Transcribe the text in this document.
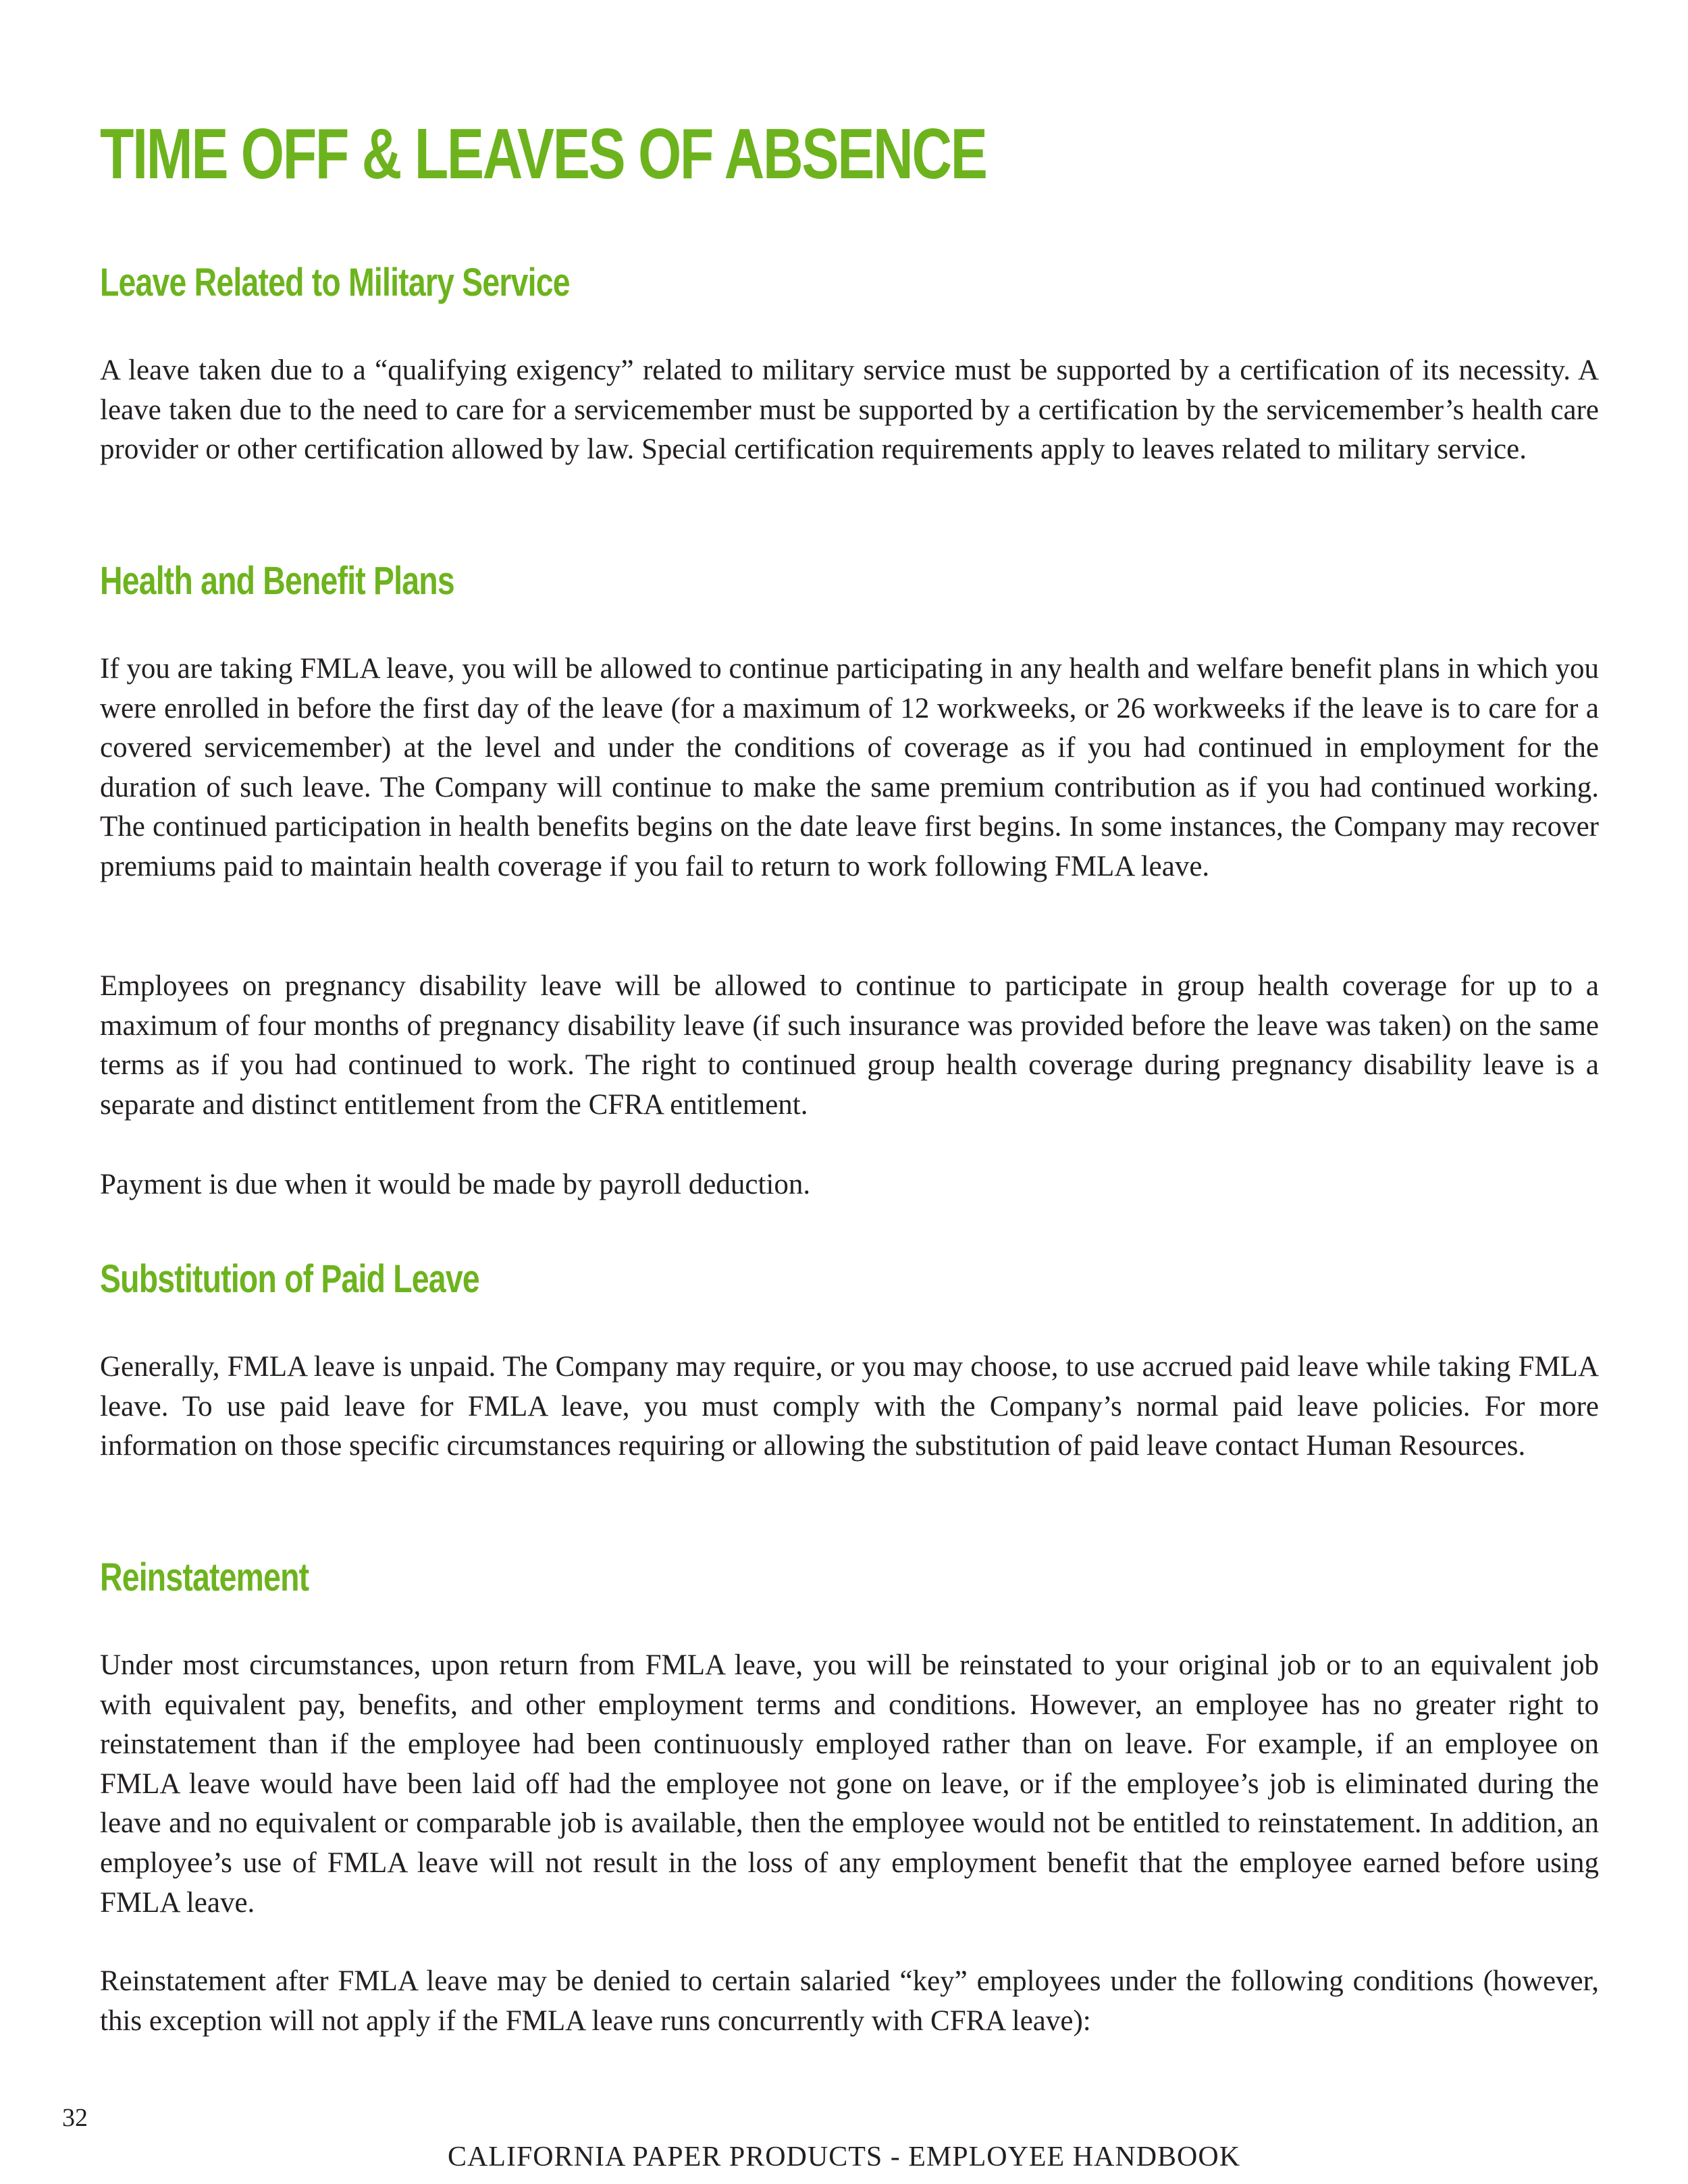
TIME OFF & LEAVES OF ABSENCE
Leave Related to Military Service

A leave taken due to a “qualifying exigency” related to military service must be supported by a certification of its necessity. A leave taken due to the need to care for a servicemember must be supported by a certification by the servicemember’s health care provider or other certification allowed by law. Special certification requirements apply to leaves related to military service.

Health and Benefit Plans

If you are taking FMLA leave, you will be allowed to continue participating in any health and welfare benefit plans in which you were enrolled in before the first day of the leave (for a maximum of 12 workweeks, or 26 workweeks if the leave is to care for a covered servicemember) at the level and under the conditions of coverage as if you had continued in employment for the duration of such leave. The Company will continue to make the same premium contribution as if you had continued working. The continued participation in health benefits begins on the date leave first begins. In some instances, the Company may recover premiums paid to maintain health coverage if you fail to return to work following FMLA leave.

Employees on pregnancy disability leave will be allowed to continue to participate in group health coverage for up to a maximum of four months of pregnancy disability leave (if such insurance was provided before the leave was taken) on the same terms as if you had continued to work. The right to continued group health coverage during pregnancy disability leave is a separate and distinct entitlement from the CFRA entitlement.

Payment is due when it would be made by payroll deduction.

Substitution of Paid Leave

Generally, FMLA leave is unpaid. The Company may require, or you may choose, to use accrued paid leave while taking FMLA leave. To use paid leave for FMLA leave, you must comply with the Company’s normal paid leave policies. For more information on those specific circumstances requiring or allowing the substitution of paid leave contact Human Resources.

Reinstatement

Under most circumstances, upon return from FMLA leave, you will be reinstated to your original job or to an equivalent job with equivalent pay, benefits, and other employment terms and conditions. However, an employee has no greater right to reinstatement than if the employee had been continuously employed rather than on leave. For example, if an employee on FMLA leave would have been laid off had the employee not gone on leave, or if the employee’s job is eliminated during the leave and no equivalent or comparable job is available, then the employee would not be entitled to reinstatement. In addition, an employee’s use of FMLA leave will not result in the loss of any employment benefit that the employee earned before using FMLA leave.

Reinstatement after FMLA leave may be denied to certain salaried “key” employees under the following conditions (however, this exception will not apply if the FMLA leave runs concurrently with CFRA leave):

32
CALIFORNIA PAPER PRODUCTS - EMPLOYEE HANDBOOK
